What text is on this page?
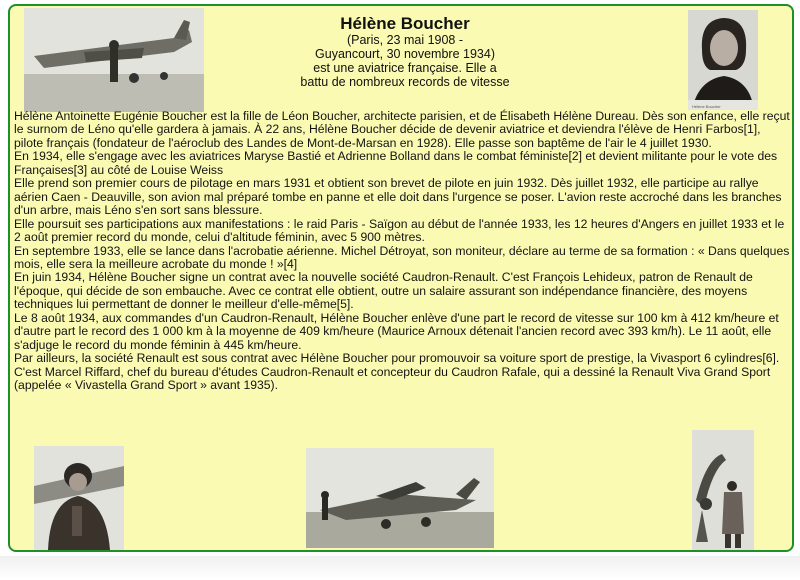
Hélène Boucher
(Paris, 23 mai 1908 -
Guyancourt, 30 novembre 1934)
est une aviatrice française. Elle a
battu de nombreux records de vitesse
Hélène Boucher

Hélène Antoinette Eugénie Boucher est la fille de Léon Boucher, architecte parisien, et de Élisabeth Hélène Dureau. Dès son enfance, elle reçut le surnom de Léno qu'elle gardera à jamais. À 22 ans, Hélène Boucher décide de devenir aviatrice et deviendra l'élève de Henri Farbos[1], pilote français (fondateur de l'aéroclub des Landes de Mont-de-Marsan en 1928). Elle passe son baptême de l'air le 4 juillet 1930.

En 1934, elle s'engage avec les aviatrices Maryse Bastié et Adrienne Bolland dans le combat féministe[2] et devient militante pour le vote des Françaises[3] au côté de Louise Weiss

Elle prend son premier cours de pilotage en mars 1931 et obtient son brevet de pilote en juin 1932. Dès juillet 1932, elle participe au rallye aérien Caen - Deauville, son avion mal préparé tombe en panne et elle doit dans l'urgence se poser. L'avion reste accroché dans les branches d'un arbre, mais Léno s'en sort sans blessure.

Elle poursuit ses participations aux manifestations : le raid Paris - Saïgon au début de l'année 1933, les 12 heures d'Angers en juillet 1933 et le 2 août premier record du monde, celui d'altitude féminin, avec 5 900 mètres.

En septembre 1933, elle se lance dans l'acrobatie aérienne. Michel Détroyat, son moniteur, déclare au terme de sa formation : « Dans quelques mois, elle sera la meilleure acrobate du monde ! »[4]

En juin 1934, Hélène Boucher signe un contrat avec la nouvelle société Caudron-Renault. C'est François Lehideux, patron de Renault de l'époque, qui décide de son embauche. Avec ce contrat elle obtient, outre un salaire assurant son indépendance financière, des moyens techniques lui permettant de donner le meilleur d'elle-même[5].

Le 8 août 1934, aux commandes d'un Caudron-Renault, Hélène Boucher enlève d'une part le record de vitesse sur 100 km à 412 km/heure et d'autre part le record des 1 000 km à la moyenne de 409 km/heure (Maurice Arnoux détenait l'ancien record avec 393 km/h). Le 11 août, elle s'adjuge le record du monde féminin à 445 km/heure.

Par ailleurs, la société Renault est sous contrat avec Hélène Boucher pour promouvoir sa voiture sport de prestige, la Vivasport 6 cylindres[6]. C'est Marcel Riffard, chef du bureau d'études Caudron-Renault et concepteur du Caudron Rafale, qui a dessiné la Renault Viva Grand Sport (appelée « Vivastella Grand Sport » avant 1935).
